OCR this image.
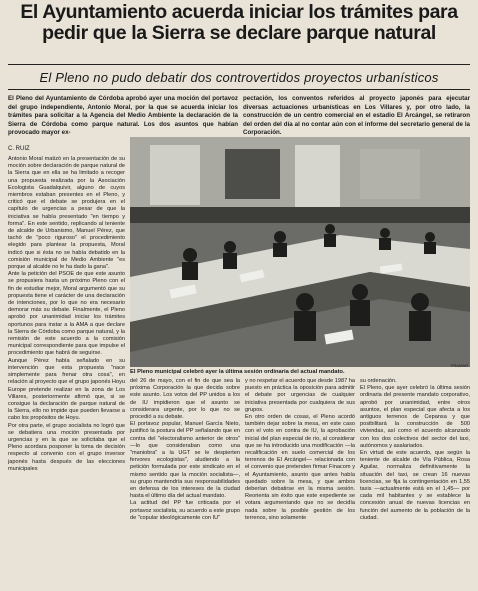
El Ayuntamiento acuerda iniciar los trámites para pedir que la Sierra se declare parque natural
El Pleno no pudo debatir dos controvertidos proyectos urbanísticos
El Pleno del Ayuntamiento de Córdoba aprobó ayer una moción del portavoz del grupo independiente, Antonio Moral, por la que se acuerda iniciar los trámites para solicitar a la Agencia del Medio Ambiente la declaración de la Sierra de Córdoba como parque natural. Los dos asuntos que habían provocado mayor ex-
pectación, los conventos referidos al proyecto japonés para ejecutar diversas actuaciones urbanísticas en Los Villares y, por otro lado, la construcción de un centro comercial en el estadio El Arcángel, se retiraron del orden del día al no contar aún con el informe del secretario general de la Corporación.
C. RUIZ
Antonio Moral matizó en la presentación de su moción sobre declaración de parque natural de la Sierra que en ella se ha limitado a recoger una propuesta realizada por la Asociación Ecologista Guadalquivir, alguno de cuyos miembros estaban presentes en el Pleno, y criticó que el debate se produjera en el capítulo de urgencias a pesar de que la iniciativa se había presentado "en tiempo y forma". En este sentido, replicando al teniente de alcalde de Urbanismo, Manuel Pérez, que tachó de "poco riguroso" el procedimiento elegido para plantear la propuesta, Moral indicó que si ésta no se había debatido en la comisión municipal de Medio Ambiente "es porque al alcalde no le ha dado la gana".
Ante la petición del PSOE de que este asunto se propusiera hasta un próximo Pleno con el fin de estudiar mejor, Moral argumentó que su propuesta tiene el carácter de una declaración de intenciones, por lo que no era necesario demorar más su debate. Finalmente, el Pleno aprobó por unanimidad iniciar los trámites oportunos para instar a la AMA a que declare la Sierra de Córdoba como parque natural, y la remisión de este acuerdo a la comisión municipal correspondiente para que impulse el procedimiento que habrá de seguirse.
Aunque Pérez había señalado en su intervención que esta propuesta "nace simplemente para frenar otra cosa", en relación al proyecto que el grupo japonés Hoyu Europe pretende realizar en la zona de Los Villares, posteriormente afirmó que, si se consigue la declaración de parque natural de la Sierra, ello no impide que pueden llevarse a cabo los propósitos de Hoyu.
Por otra parte, el grupo socialista no logró que se debatiera una moción presentada por urgencias y en la que se solicitaba que el Pleno acordara posponer la toma de decisión respecto al convenio con el grupo inversor japonés hasta después de las elecciones municipales
PRAMAR
El Pleno municipal celebró ayer la última sesión ordinaria del actual mandato.
del 26 de mayo, con el fin de que sea la próxima Corporación la que decida sobre este asunto. Los votos del PP unidos a los de IU impidieron que el asunto se considerara urgente, por lo que no se procedió a su debate.
El portavoz popular, Manuel García Nieto, justificó la postura del PP señalando que en contra del "electoralismo anterior de otros" —lo que consideraban como una "maniobra" a la UGT se le despierten fervores ecologistas", aludiendo a la petición formulada por este sindicato en el mismo sentido que la moción socialista—, su grupo mantendría sus responsabilidades en defensa de los intereses de la ciudad hasta el último día del actual mandato.
La actitud del PP fue criticada por el portavoz socialista, su acuerdo a este grupo de "copular ideológicamente con IU"
y no respetar el acuerdo que desde 1987 ha puesto en práctica la oposición para admitir el debate por urgencias de cualquier iniciativa presentada por cualquiera de sus grupos.
En otro orden de cosas, el Pleno acordó también dejar sobre la mesa, en este caso con el voto en contra de IU, la aprobación inicial del plan especial de rio, al considerar que se ha introducido una modificación —la recalificación en suelo comercial de los terrenos de El Arcángel— relacionada con el convenio que pretenden firmar Finacom y el Ayuntamiento, asunto que antes había quedado sobre la mesa, y que ambos deberían debatirse en la misma sesión. Reorienta sin éxito que este expediente se votara argumentando que no se decidía nada sobre la posible gestión de los terrenos, sino solamente
su ordenación.
El Pleno, que ayer celebró la última sesión ordinaria del presente mandato corporativo, aprobó por unanimidad, entre otros asuntos, el plan especial que afecta a los antiguos terrenos de Cepansa y que posibilitará la construcción de 500 viviendas, así como el acuerdo alcanzado con los dos colectivos del sector del taxi, autónomos y asalariados.
En virtud de este acuerdo, que según la teniente de alcalde de Vía Pública, Rosa Aguilar, normaliza definitivamente la situación del taxi, se crean 16 nuevas licencias, se fija la contingentación en 1,55 taxis —actualmente está en el 1,45— por cada mil habitantes y se establece la concesión anual de nuevas licencias en función del aumento de la población de la ciudad.
